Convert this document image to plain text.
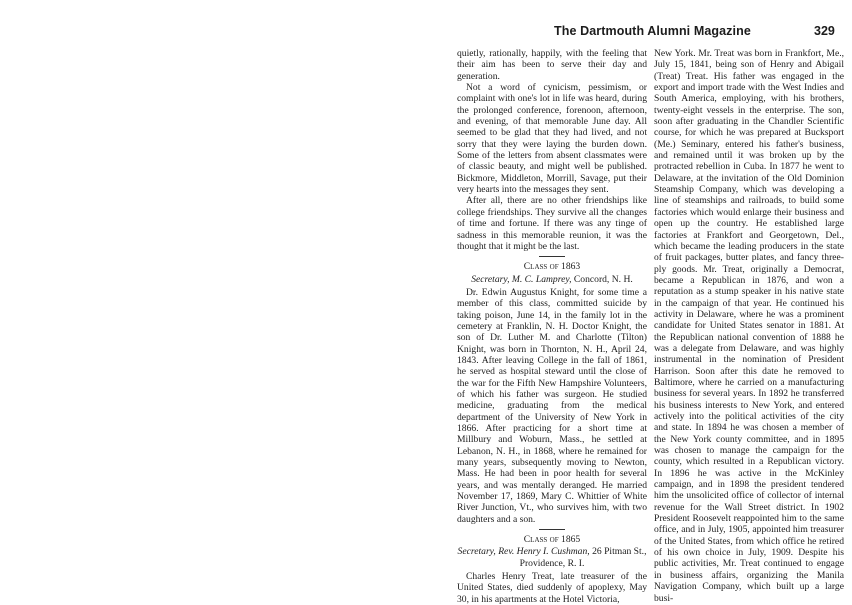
The Dartmouth Alumni Magazine	329

quietly, rationally, happily, with the feeling that their aim has been to serve their day and generation.

Not a word of cynicism, pessimism, or complaint with one's lot in life was heard, during the prolonged conference, forenoon, afternoon, and evening, of that memorable June day. All seemed to be glad that they had lived, and not sorry that they were laying the burden down. Some of the letters from absent classmates were of classic beauty, and might well be published. Bickmore, Middleton, Morrill, Savage, put their very hearts into the messages they sent.

After all, there are no other friendships like college friendships. They survive all the changes of time and fortune. If there was any tinge of sadness in this memorable reunion, it was the thought that it might be the last.

Class of 1863
Secretary, M. C. Lamprey, Concord, N. H.

Dr. Edwin Augustus Knight, for some time a member of this class, committed suicide by taking poison, June 14, in the family lot in the cemetery at Franklin, N. H. Doctor Knight, the son of Dr. Luther M. and Charlotte (Tilton) Knight, was born in Thornton, N. H., April 24, 1843. After leaving College in the fall of 1861, he served as hospital steward until the close of the war for the Fifth New Hampshire Volunteers, of which his father was surgeon. He studied medicine, graduating from the medical department of the University of New York in 1866. After practicing for a short time at Millbury and Woburn, Mass., he settled at Lebanon, N. H., in 1868, where he remained for many years, subsequently moving to Newton, Mass. He had been in poor health for several years, and was mentally deranged. He married November 17, 1869, Mary C. Whittier of White River Junction, Vt., who survives him, with two daughters and a son.

Class of 1865
Secretary, Rev. Henry I. Cushman, 26 Pitman St., Providence, R. I.

Charles Henry Treat, late treasurer of the United States, died suddenly of apoplexy, May 30, in his apartments at the Hotel Victoria,

New York. Mr. Treat was born in Frankfort, Me., July 15, 1841, being son of Henry and Abigail (Treat) Treat. His father was engaged in the export and import trade with the West Indies and South America, employing, with his brothers, twenty-eight vessels in the enterprise. The son, soon after graduating in the Chandler Scientific course, for which he was prepared at Bucksport (Me.) Seminary, entered his father's business, and remained until it was broken up by the protracted rebellion in Cuba. In 1877 he went to Delaware, at the invitation of the Old Dominion Steamship Company, which was developing a line of steamships and railroads, to build some factories which would enlarge their business and open up the country. He established large factories at Frankfort and Georgetown, Del., which became the leading producers in the state of fruit packages, butter plates, and fancy three-ply goods. Mr. Treat, originally a Democrat, became a Republican in 1876, and won a reputation as a stump speaker in his native state in the campaign of that year. He continued his activity in Delaware, where he was a prominent candidate for United States senator in 1881. At the Republican national convention of 1888 he was a delegate from Delaware, and was highly instrumental in the nomination of President Harrison. Soon after this date he removed to Baltimore, where he carried on a manufacturing business for several years. In 1892 he transferred his business interests to New York, and entered actively into the political activities of the city and state. In 1894 he was chosen a member of the New York county committee, and in 1895 was chosen to manage the campaign for the county, which resulted in a Republican victory. In 1896 he was active in the McKinley campaign, and in 1898 the president tendered him the unsolicited office of collector of internal revenue for the Wall Street district. In 1902 President Roosevelt reappointed him to the same office, and in July, 1905, appointed him treasurer of the United States, from which office he retired of his own choice in July, 1909. Despite his public activities, Mr. Treat continued to engage in business affairs, organizing the Manila Navigation Company, which built up a large busi-
